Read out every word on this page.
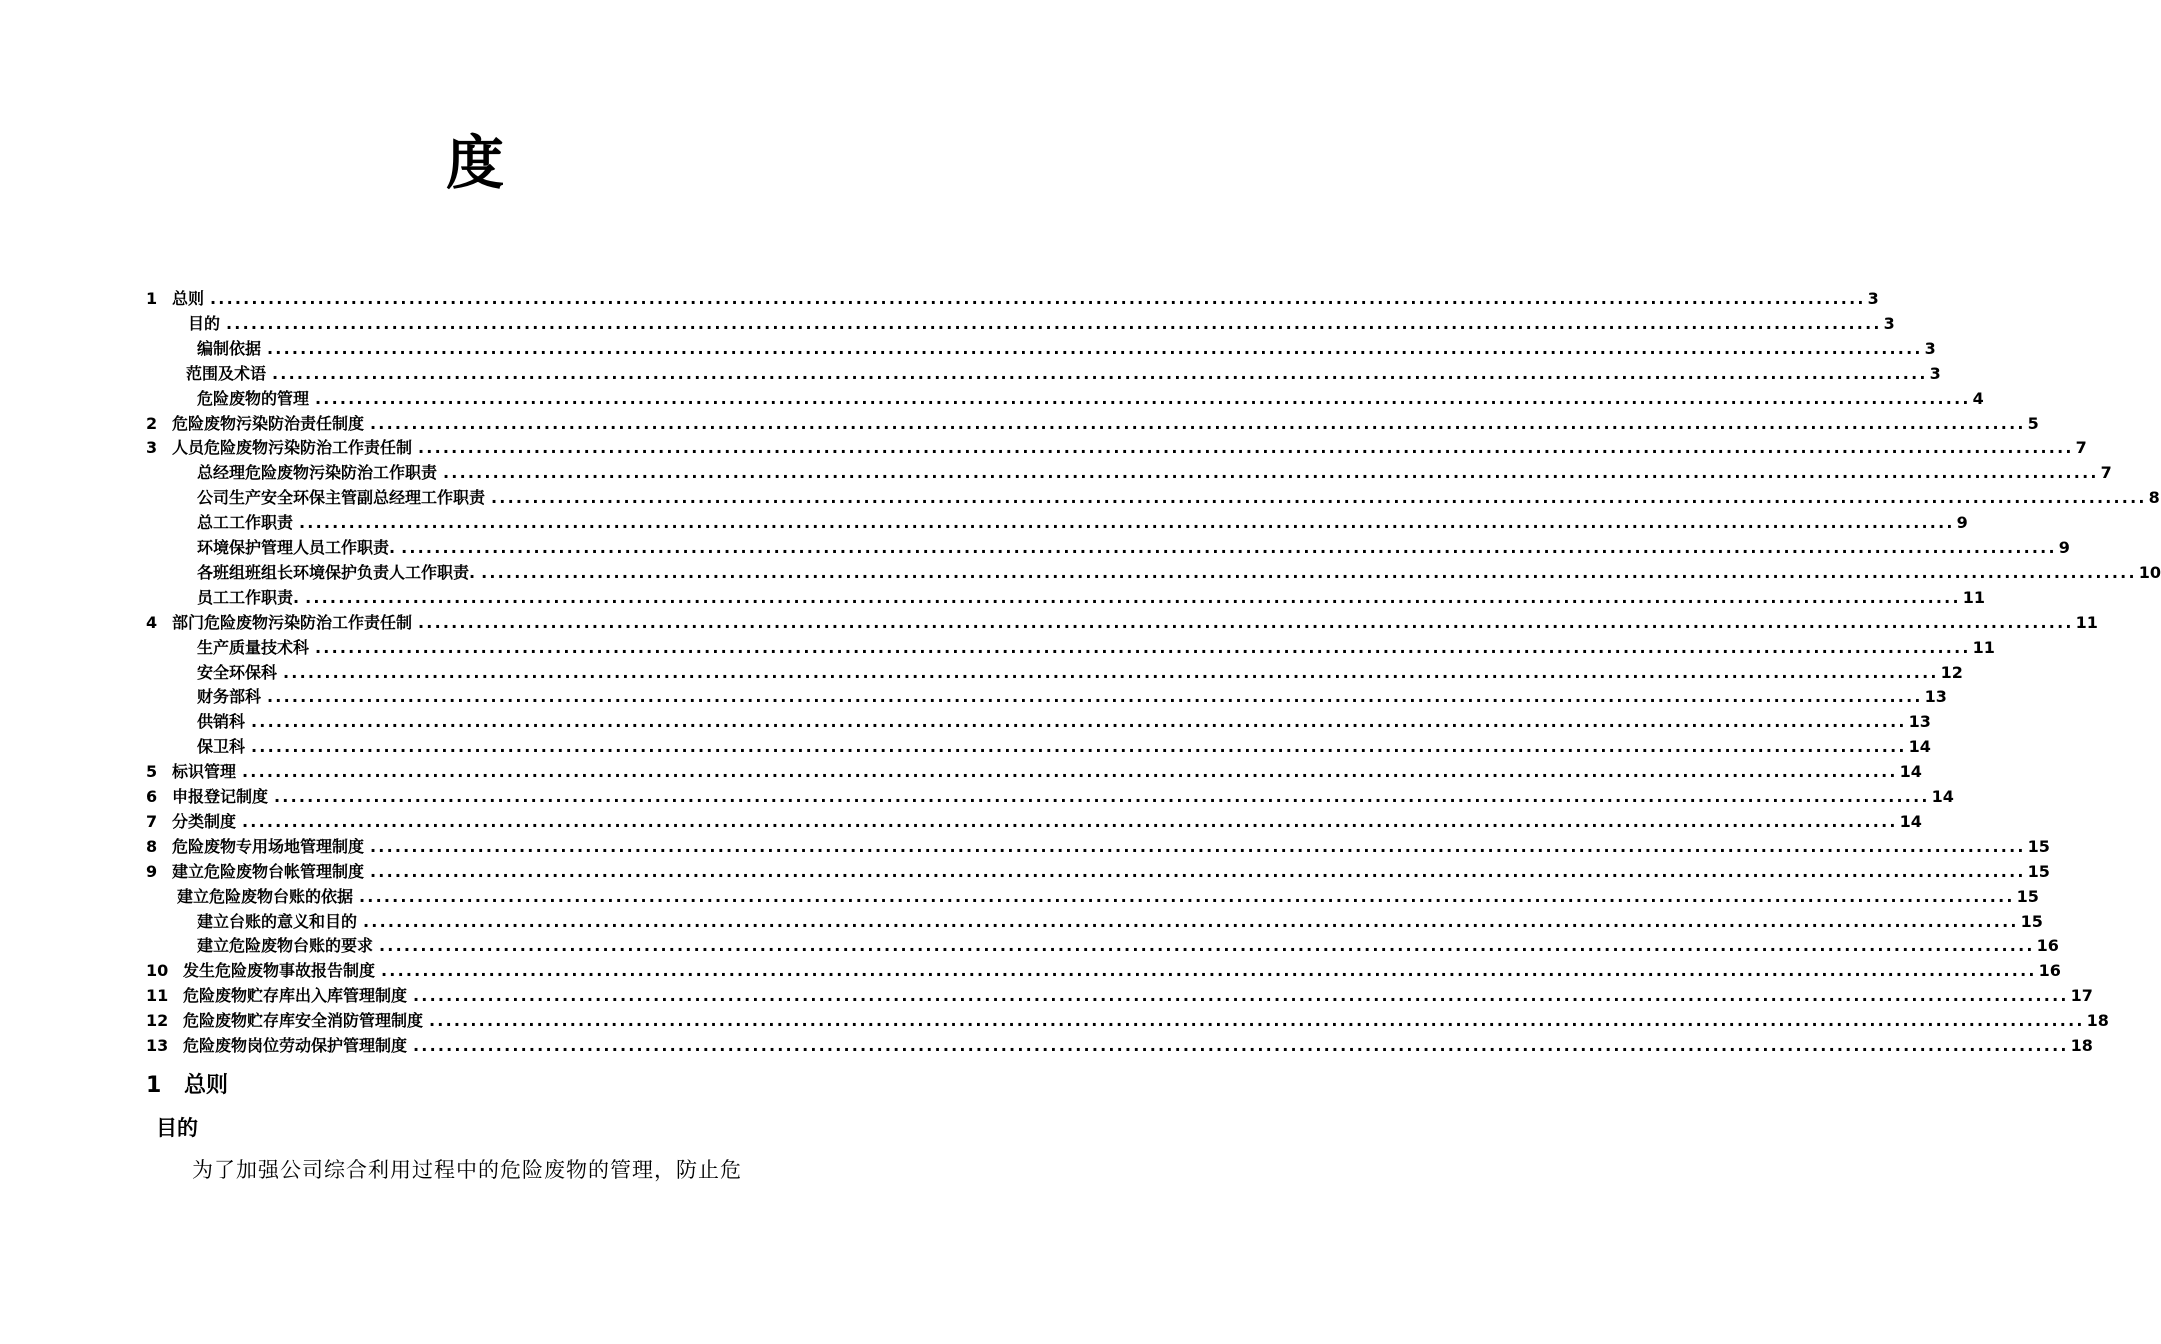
度
1 总则 ........................................................................................................................................................................................................ 3
目的 ........................................................................................................................................................................................................ 3
编制依据 ........................................................................................................................................................................................................ 3
范围及术语 ........................................................................................................................................................................................................ 3
危险废物的管理 ........................................................................................................................................................................................................ 4
2 危险废物污染防治责任制度 ........................................................................................................................................................................................................ 5
3 人员危险废物污染防治工作责任制 ........................................................................................................................................................................................................ 7
总经理危险废物污染防治工作职责 ........................................................................................................................................................................................................ 7
公司生产安全环保主管副总经理工作职责 ........................................................................................................................................................................................................ 8
总工工作职责 ........................................................................................................................................................................................................ 9
环境保护管理人员工作职责. ........................................................................................................................................................................................................ 9
各班组班组长环境保护负责人工作职责. ........................................................................................................................................................................................................ 10
员工工作职责. ........................................................................................................................................................................................................ 11
4 部门危险废物污染防治工作责任制 ........................................................................................................................................................................................................ 11
生产质量技术科 ........................................................................................................................................................................................................ 11
安全环保科 ........................................................................................................................................................................................................ 12
财务部科 ........................................................................................................................................................................................................ 13
供销科 ........................................................................................................................................................................................................ 13
保卫科 ........................................................................................................................................................................................................ 14
5 标识管理 ........................................................................................................................................................................................................ 14
6 申报登记制度 ........................................................................................................................................................................................................ 14
7 分类制度 ........................................................................................................................................................................................................ 14
8 危险废物专用场地管理制度 ........................................................................................................................................................................................................ 15
9 建立危险废物台帐管理制度 ........................................................................................................................................................................................................ 15
建立危险废物台账的依据 ........................................................................................................................................................................................................ 15
建立台账的意义和目的 ........................................................................................................................................................................................................ 15
建立危险废物台账的要求 ........................................................................................................................................................................................................ 16
10 发生危险废物事故报告制度 ........................................................................................................................................................................................................ 16
11 危险废物贮存库出入库管理制度 ........................................................................................................................................................................................................ 17
12 危险废物贮存库安全消防管理制度 ........................................................................................................................................................................................................ 18
13 危险废物岗位劳动保护管理制度 ........................................................................................................................................................................................................ 18
1 总则
目的
为了加强公司综合利用过程中的危险废物的管理，防止危
